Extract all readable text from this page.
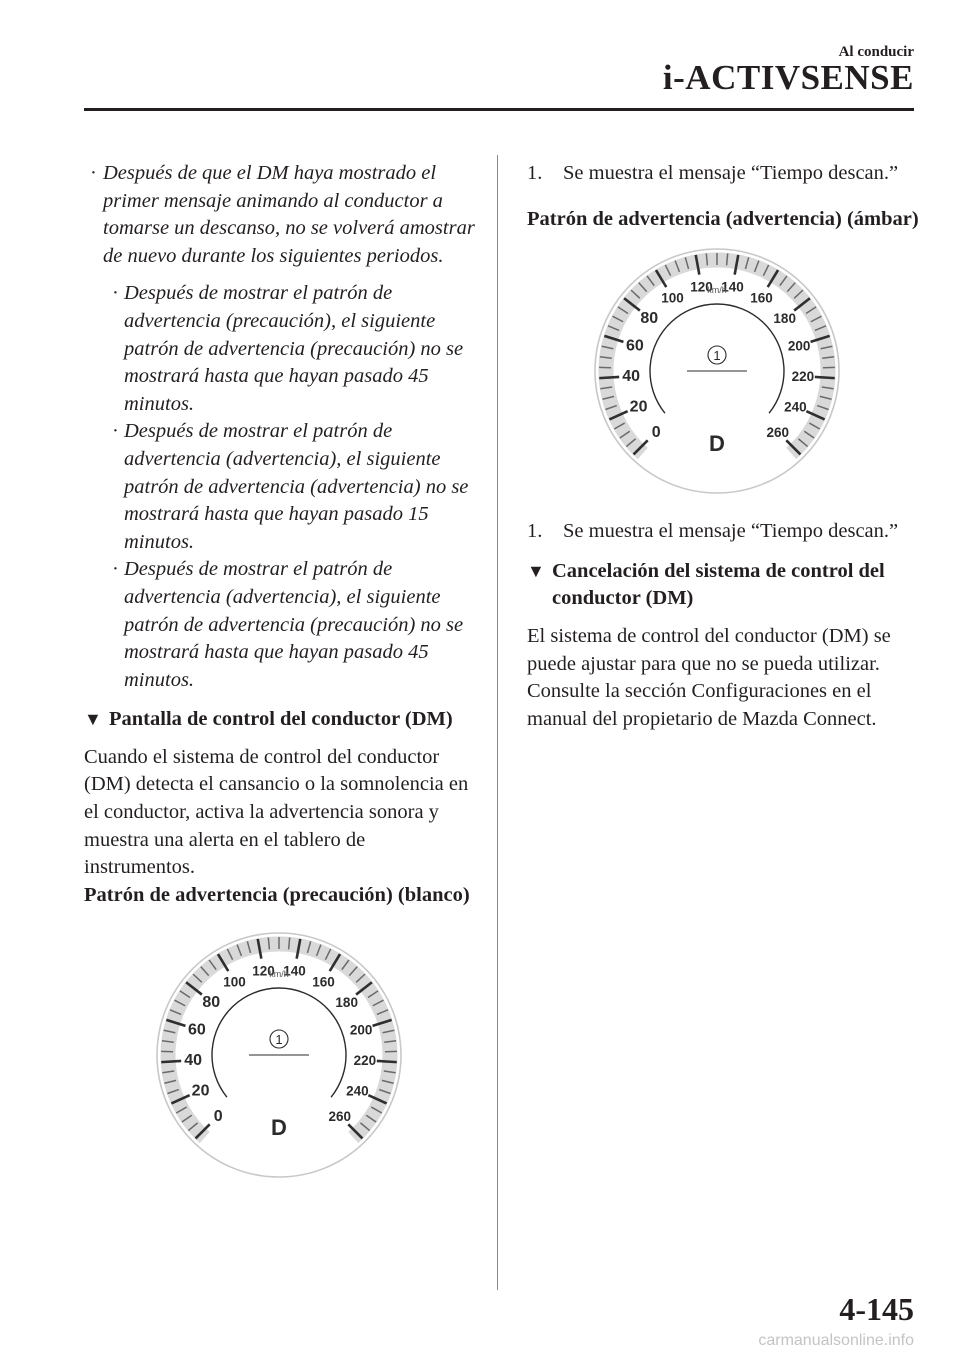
Al conducir
i-ACTIVSENSE
· Después de que el DM haya mostrado el primer mensaje animando al conductor a tomarse un descanso, no se volverá amostrar de nuevo durante los siguientes periodos.
· Después de mostrar el patrón de advertencia (precaución), el siguiente patrón de advertencia (precaución) no se mostrará hasta que hayan pasado 45 minutos.
· Después de mostrar el patrón de advertencia (advertencia), el siguiente patrón de advertencia (advertencia) no se mostrará hasta que hayan pasado 15 minutos.
· Después de mostrar el patrón de advertencia (advertencia), el siguiente patrón de advertencia (precaución) no se mostrará hasta que hayan pasado 45 minutos.
▼ Pantalla de control del conductor (DM)
Cuando el sistema de control del conductor (DM) detecta el cansancio o la somnolencia en el conductor, activa la advertencia sonora y muestra una alerta en el tablero de instrumentos.
Patrón de advertencia (precaución) (blanco)
0
20
40
60
80
100
120 140
160
180
200
220
240
260
km/h
1
D
1. Se muestra el mensaje “Tiempo descan.”
Patrón de advertencia (advertencia) (ámbar)
0
20
40
60
80
100
120 140
160
180
200
220
240
260
km/h
1
D
1. Se muestra el mensaje “Tiempo descan.”
▼ Cancelación del sistema de control del conductor (DM)
El sistema de control del conductor (DM) se puede ajustar para que no se pueda utilizar.
Consulte la sección Configuraciones en el manual del propietario de Mazda Connect.
4-145
carmanualsonline.info
